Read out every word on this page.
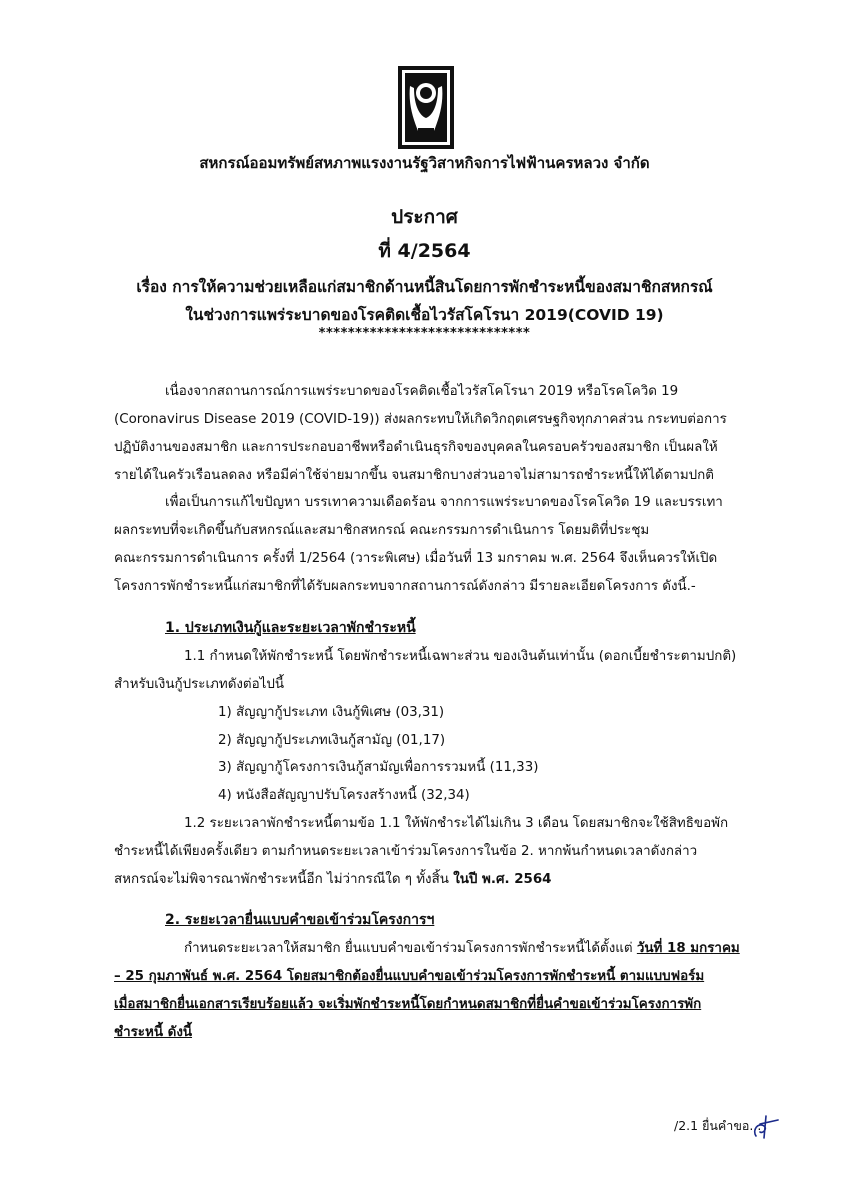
สหกรณ์ออมทรัพย์สหภาพแรงงานรัฐวิสาหกิจการไฟฟ้านครหลวง จำกัด
ประกาศ
ที่ 4/2564
เรื่อง การให้ความช่วยเหลือแก่สมาชิกด้านหนี้สินโดยการพักชำระหนี้ของสมาชิกสหกรณ์
ในช่วงการแพร่ระบาดของโรคติดเชื้อไวรัสโคโรนา 2019(COVID 19)
*****************************
เนื่องจากสถานการณ์การแพร่ระบาดของโรคติดเชื้อไวรัสโคโรนา 2019 หรือโรคโควิด 19
(Coronavirus Disease 2019 (COVID-19)) ส่งผลกระทบให้เกิดวิกฤตเศรษฐกิจทุกภาคส่วน กระทบต่อการ
ปฏิบัติงานของสมาชิก และการประกอบอาชีพหรือดำเนินธุรกิจของบุคคลในครอบครัวของสมาชิก เป็นผลให้
รายได้ในครัวเรือนลดลง หรือมีค่าใช้จ่ายมากขึ้น จนสมาชิกบางส่วนอาจไม่สามารถชำระหนี้ให้ได้ตามปกติ
เพื่อเป็นการแก้ไขปัญหา บรรเทาความเดือดร้อน จากการแพร่ระบาดของโรคโควิด 19 และบรรเทา
ผลกระทบที่จะเกิดขึ้นกับสหกรณ์และสมาชิกสหกรณ์ คณะกรรมการดำเนินการ โดยมติที่ประชุม
คณะกรรมการดำเนินการ ครั้งที่ 1/2564 (วาระพิเศษ) เมื่อวันที่ 13 มกราคม พ.ศ. 2564 จึงเห็นควรให้เปิด
โครงการพักชำระหนี้แก่สมาชิกที่ได้รับผลกระทบจากสถานการณ์ดังกล่าว มีรายละเอียดโครงการ ดังนี้.-
1. ประเภทเงินกู้และระยะเวลาพักชำระหนี้
1.1 กำหนดให้พักชำระหนี้ โดยพักชำระหนี้เฉพาะส่วน ของเงินต้นเท่านั้น (ดอกเบี้ยชำระตามปกติ)
สำหรับเงินกู้ประเภทดังต่อไปนี้
1) สัญญากู้ประเภท เงินกู้พิเศษ (03,31)
2) สัญญากู้ประเภทเงินกู้สามัญ (01,17)
3) สัญญากู้โครงการเงินกู้สามัญเพื่อการรวมหนี้ (11,33)
4) หนังสือสัญญาปรับโครงสร้างหนี้ (32,34)
1.2 ระยะเวลาพักชำระหนี้ตามข้อ 1.1 ให้พักชำระได้ไม่เกิน 3 เดือน โดยสมาชิกจะใช้สิทธิขอพัก
ชำระหนี้ได้เพียงครั้งเดียว ตามกำหนดระยะเวลาเข้าร่วมโครงการในข้อ 2. หากพ้นกำหนดเวลาดังกล่าว
สหกรณ์จะไม่พิจารณาพักชำระหนี้อีก ไม่ว่ากรณีใด ๆ ทั้งสิ้น ในปี พ.ศ. 2564
2. ระยะเวลายื่นแบบคำขอเข้าร่วมโครงการฯ
กำหนดระยะเวลาให้สมาชิก ยื่นแบบคำขอเข้าร่วมโครงการพักชำระหนี้ได้ตั้งแต่ วันที่ 18 มกราคม
– 25 กุมภาพันธ์ พ.ศ. 2564 โดยสมาชิกต้องยื่นแบบคำขอเข้าร่วมโครงการพักชำระหนี้ ตามแบบฟอร์ม
เมื่อสมาชิกยื่นเอกสารเรียบร้อยแล้ว จะเริ่มพักชำระหนี้โดยกำหนดสมาชิกที่ยื่นคำขอเข้าร่วมโครงการพัก
ชำระหนี้ ดังนี้
/2.1 ยื่นคำขอ...
